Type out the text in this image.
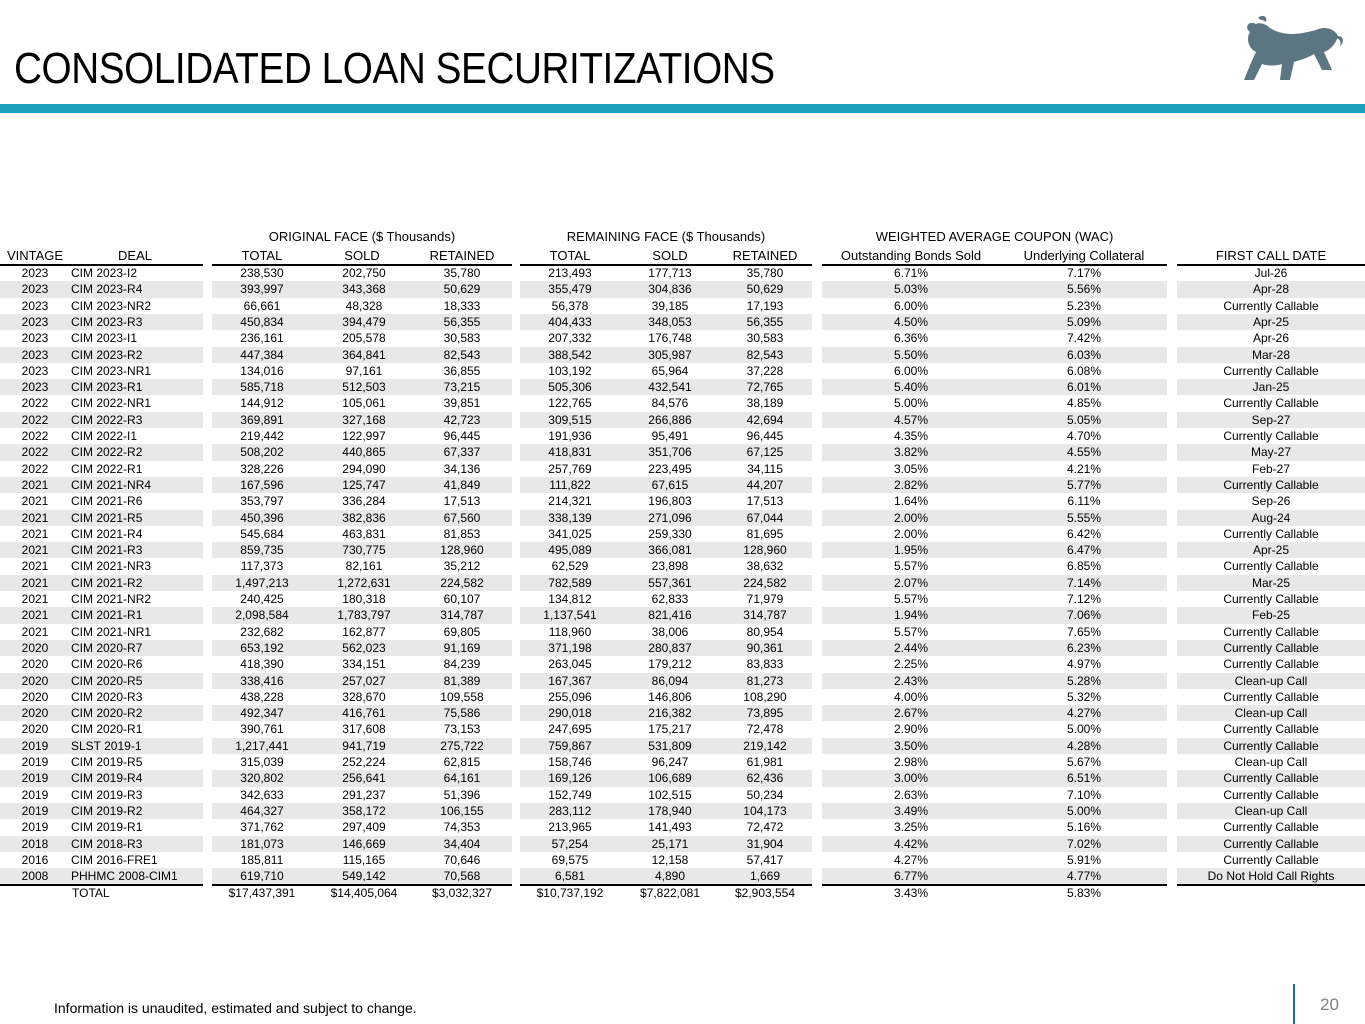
CONSOLIDATED LOAN SECURITIZATIONS
ORIGINAL FACE ($ Thousands)	REMAINING FACE ($ Thousands)	WEIGHTED AVERAGE COUPON (WAC)
VINTAGE	DEAL	TOTAL	SOLD	RETAINED	TOTAL	SOLD	RETAINED	Outstanding Bonds Sold	Underlying Collateral	FIRST CALL DATE
2023	CIM 2023-I2	238,530	202,750	35,780	213,493	177,713	35,780	6.71%	7.17%	Jul-26
2023	CIM 2023-R4	393,997	343,368	50,629	355,479	304,836	50,629	5.03%	5.56%	Apr-28
2023	CIM 2023-NR2	66,661	48,328	18,333	56,378	39,185	17,193	6.00%	5.23%	Currently Callable
2023	CIM 2023-R3	450,834	394,479	56,355	404,433	348,053	56,355	4.50%	5.09%	Apr-25
2023	CIM 2023-I1	236,161	205,578	30,583	207,332	176,748	30,583	6.36%	7.42%	Apr-26
2023	CIM 2023-R2	447,384	364,841	82,543	388,542	305,987	82,543	5.50%	6.03%	Mar-28
2023	CIM 2023-NR1	134,016	97,161	36,855	103,192	65,964	37,228	6.00%	6.08%	Currently Callable
2023	CIM 2023-R1	585,718	512,503	73,215	505,306	432,541	72,765	5.40%	6.01%	Jan-25
2022	CIM 2022-NR1	144,912	105,061	39,851	122,765	84,576	38,189	5.00%	4.85%	Currently Callable
2022	CIM 2022-R3	369,891	327,168	42,723	309,515	266,886	42,694	4.57%	5.05%	Sep-27
2022	CIM 2022-I1	219,442	122,997	96,445	191,936	95,491	96,445	4.35%	4.70%	Currently Callable
2022	CIM 2022-R2	508,202	440,865	67,337	418,831	351,706	67,125	3.82%	4.55%	May-27
2022	CIM 2022-R1	328,226	294,090	34,136	257,769	223,495	34,115	3.05%	4.21%	Feb-27
2021	CIM 2021-NR4	167,596	125,747	41,849	111,822	67,615	44,207	2.82%	5.77%	Currently Callable
2021	CIM 2021-R6	353,797	336,284	17,513	214,321	196,803	17,513	1.64%	6.11%	Sep-26
2021	CIM 2021-R5	450,396	382,836	67,560	338,139	271,096	67,044	2.00%	5.55%	Aug-24
2021	CIM 2021-R4	545,684	463,831	81,853	341,025	259,330	81,695	2.00%	6.42%	Currently Callable
2021	CIM 2021-R3	859,735	730,775	128,960	495,089	366,081	128,960	1.95%	6.47%	Apr-25
2021	CIM 2021-NR3	117,373	82,161	35,212	62,529	23,898	38,632	5.57%	6.85%	Currently Callable
2021	CIM 2021-R2	1,497,213	1,272,631	224,582	782,589	557,361	224,582	2.07%	7.14%	Mar-25
2021	CIM 2021-NR2	240,425	180,318	60,107	134,812	62,833	71,979	5.57%	7.12%	Currently Callable
2021	CIM 2021-R1	2,098,584	1,783,797	314,787	1,137,541	821,416	314,787	1.94%	7.06%	Feb-25
2021	CIM 2021-NR1	232,682	162,877	69,805	118,960	38,006	80,954	5.57%	7.65%	Currently Callable
2020	CIM 2020-R7	653,192	562,023	91,169	371,198	280,837	90,361	2.44%	6.23%	Currently Callable
2020	CIM 2020-R6	418,390	334,151	84,239	263,045	179,212	83,833	2.25%	4.97%	Currently Callable
2020	CIM 2020-R5	338,416	257,027	81,389	167,367	86,094	81,273	2.43%	5.28%	Clean-up Call
2020	CIM 2020-R3	438,228	328,670	109,558	255,096	146,806	108,290	4.00%	5.32%	Currently Callable
2020	CIM 2020-R2	492,347	416,761	75,586	290,018	216,382	73,895	2.67%	4.27%	Clean-up Call
2020	CIM 2020-R1	390,761	317,608	73,153	247,695	175,217	72,478	2.90%	5.00%	Currently Callable
2019	SLST 2019-1	1,217,441	941,719	275,722	759,867	531,809	219,142	3.50%	4.28%	Currently Callable
2019	CIM 2019-R5	315,039	252,224	62,815	158,746	96,247	61,981	2.98%	5.67%	Clean-up Call
2019	CIM 2019-R4	320,802	256,641	64,161	169,126	106,689	62,436	3.00%	6.51%	Currently Callable
2019	CIM 2019-R3	342,633	291,237	51,396	152,749	102,515	50,234	2.63%	7.10%	Currently Callable
2019	CIM 2019-R2	464,327	358,172	106,155	283,112	178,940	104,173	3.49%	5.00%	Clean-up Call
2019	CIM 2019-R1	371,762	297,409	74,353	213,965	141,493	72,472	3.25%	5.16%	Currently Callable
2018	CIM 2018-R3	181,073	146,669	34,404	57,254	25,171	31,904	4.42%	7.02%	Currently Callable
2016	CIM 2016-FRE1	185,811	115,165	70,646	69,575	12,158	57,417	4.27%	5.91%	Currently Callable
2008	PHHMC 2008-CIM1	619,710	549,142	70,568	6,581	4,890	1,669	6.77%	4.77%	Do Not Hold Call Rights
TOTAL	$17,437,391	$14,405,064	$3,032,327	$10,737,192	$7,822,081	$2,903,554	3.43%	5.83%
Information is unaudited, estimated and subject to change.	20
